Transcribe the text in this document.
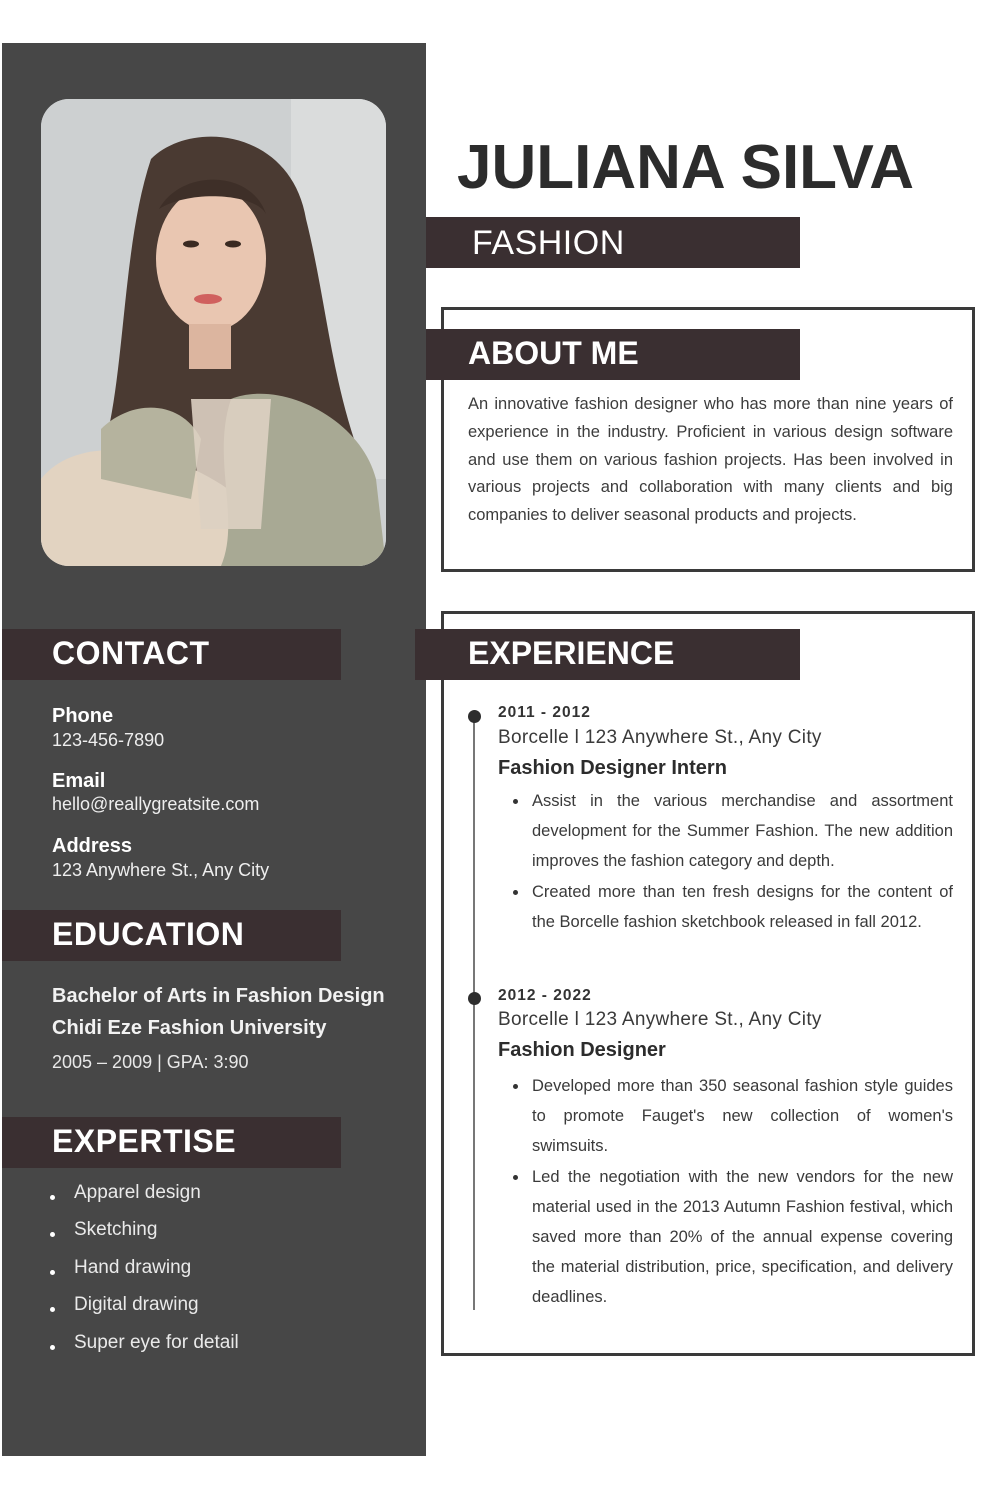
CONTACT
Phone
123-456-7890
Email
hello@reallygreatsite.com
Address
123 Anywhere St., Any City
EDUCATION
Bachelor of Arts in Fashion Design
Chidi Eze Fashion University
2005 – 2009 | GPA: 3:90
EXPERTISE
Apparel design
Sketching
Hand drawing
Digital drawing
Super eye for detail
JULIANA SILVA
FASHION DESIGNER
ABOUT ME
An innovative fashion designer who has more than nine years of experience in the industry. Proficient in various design software and use them on various fashion projects. Has been involved in various projects and collaboration with many clients and big companies to deliver seasonal products and projects.
EXPERIENCE
2011 - 2012
Borcelle l 123 Anywhere St., Any City
Fashion Designer Intern
Assist in the various merchandise and assortment development for the Summer Fashion. The new addition improves the fashion category and depth.
Created more than ten fresh designs for the content of the Borcelle fashion sketchbook released in fall 2012.
2012 - 2022
Borcelle l 123 Anywhere St., Any City
Fashion Designer
Developed more than 350 seasonal fashion style guides to promote Fauget's new collection of women's swimsuits.
Led the negotiation with the new vendors for the new material used in the 2013 Autumn Fashion festival, which saved more than 20% of the annual expense covering the material distribution, price, specification, and delivery deadlines.
